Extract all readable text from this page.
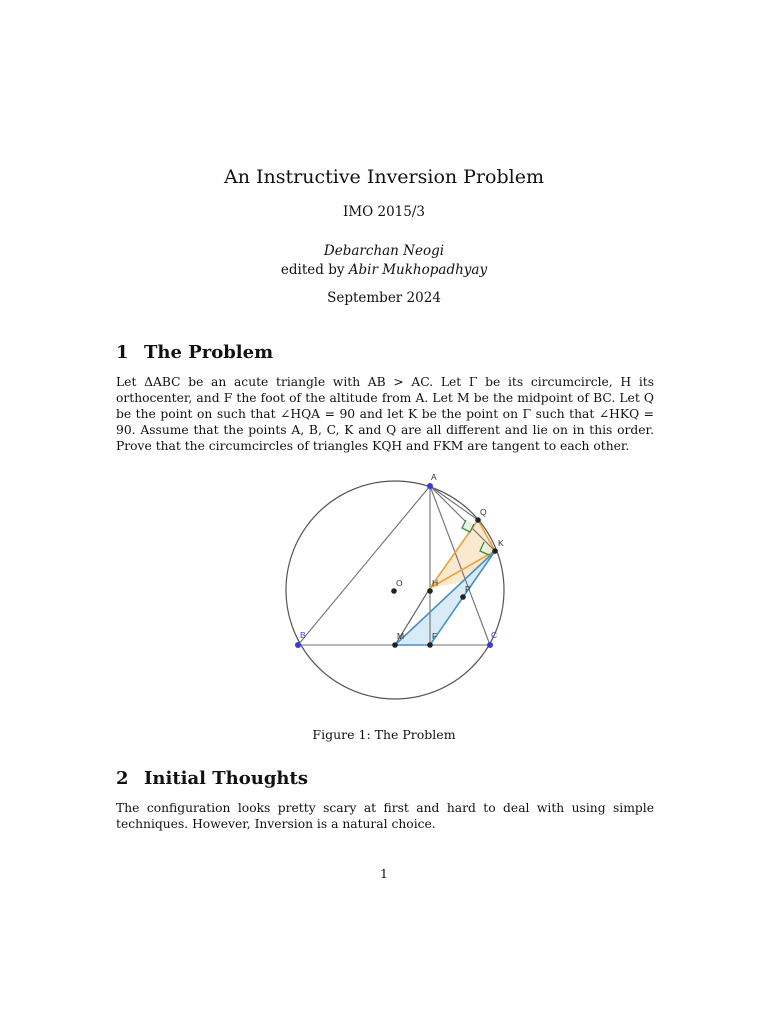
An Instructive Inversion Problem
IMO 2015/3
Debarchan Neogi
edited by Abir Mukhopadhyay
September 2024
1 The Problem
Let ΔABC be an acute triangle with AB > AC. Let Γ be its circumcircle, H its orthocenter, and F the foot of the altitude from A. Let M be the midpoint of BC. Let Q be the point on such that ∠HQA = 90 and let K be the point on Γ such that ∠HKQ = 90. Assume that the points A, B, C, K and Q are all different and lie on in this order. Prove that the circumcircles of triangles KQH and FKM are tangent to each other.
A
Q
K
O	H
P
B	M	F	C
Figure 1: The Problem
2 Initial Thoughts
The configuration looks pretty scary at first and hard to deal with using simple techniques. However, Inversion is a natural choice.
1
